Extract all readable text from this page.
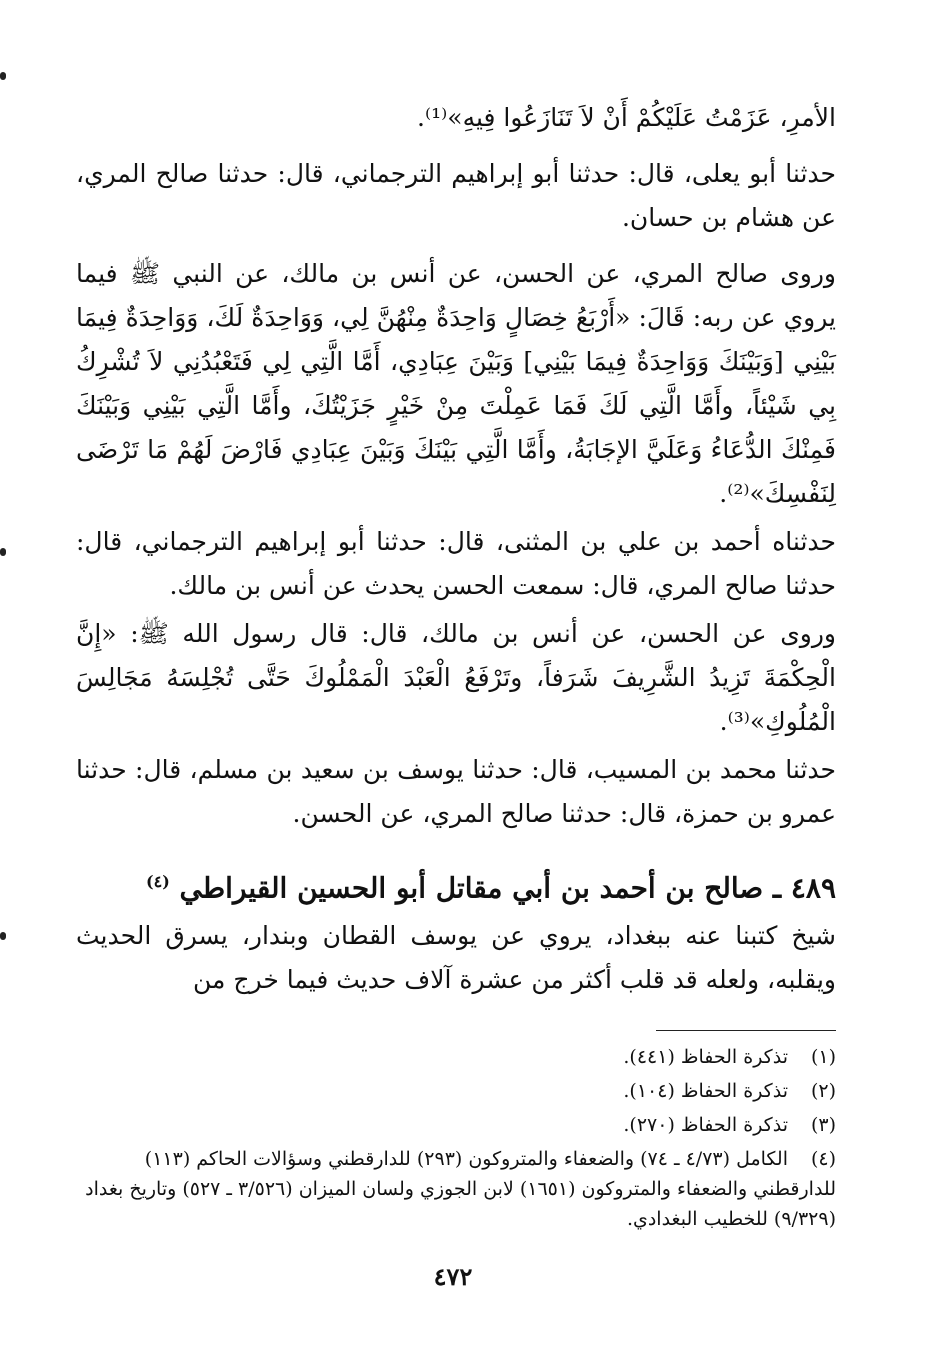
الأمرِ، عَزَمْتُ عَلَيْكُمْ أَنْ لاَ تَنَازَعُوا فِيهِ»⁽¹⁾.
حدثنا أبو يعلى، قال: حدثنا أبو إبراهيم الترجماني، قال: حدثنا صالح المري، عن هشام بن حسان.
وروى صالح المري، عن الحسن، عن أنس بن مالك، عن النبي ﷺ فيما يروي عن ربه: قَالَ: «أَرْبَعُ خِصَالٍ وَاحِدَةٌ مِنْهُنَّ لِي، وَوَاحِدَةٌ لَكَ، وَوَاحِدَةٌ فِيمَا بَيْنِي [وَبَيْنَكَ وَوَاحِدَةٌ فِيمَا بَيْنِي] وَبَيْنَ عِبَادِي، أَمَّا الَّتِي لِي فَتَعْبُدُنِي لاَ تُشْرِكُ بِي شَيْئاً، وأَمَّا الَّتِي لَكَ فَمَا عَمِلْتَ مِنْ خَيْرٍ جَزَيْتُكَ، وأَمَّا الَّتِي بَيْنِي وَبَيْنَكَ فَمِنْكَ الدُّعَاءُ وَعَلَيَّ الإجَابَةُ، وأَمَّا الَّتِي بَيْنَكَ وَبَيْنَ عِبَادِي فَارْضَ لَهُمْ مَا تَرْضَى لِنَفْسِكَ»⁽²⁾.
حدثناه أحمد بن علي بن المثنى، قال: حدثنا أبو إبراهيم الترجماني، قال: حدثنا صالح المري، قال: سمعت الحسن يحدث عن أنس بن مالك.
وروى عن الحسن، عن أنس بن مالك، قال: قال رسول الله ﷺ: «إِنَّ الْحِكْمَةَ تَزِيدُ الشَّرِيفَ شَرَفاً، وتَرْفَعُ الْعَبْدَ الْمَمْلُوكَ حَتَّى تُجْلِسَهُ مَجَالِسَ الْمُلُوكِ»⁽³⁾.
حدثنا محمد بن المسيب، قال: حدثنا يوسف بن سعيد بن مسلم، قال: حدثنا عمرو بن حمزة، قال: حدثنا صالح المري، عن الحسن.
٤٨٩ ـ صالح بن أحمد بن أبي مقاتل أبو الحسين القيراطي $^{(٤)}$
شيخ كتبنا عنه ببغداد، يروي عن يوسف القطان وبندار، يسرق الحديث ويقلبه، ولعله قد قلب أكثر من عشرة آلاف حديث فيما خرج من
(١)تذكرة الحفاظ (٤٤١).
(٢)تذكرة الحفاظ (١٠٤).
(٣)تذكرة الحفاظ (٢٧٠).
(٤)الكامل (٤/٧٣ ـ ٧٤) والضعفاء والمتروكون (٢٩٣) للدارقطني وسؤالات الحاكم (١١٣) للدارقطني والضعفاء والمتروكون (١٦٥١) لابن الجوزي ولسان الميزان (٣/٥٢٦ ـ ٥٢٧) وتاريخ بغداد (٩/٣٢٩) للخطيب البغدادي.
٤٧٢
